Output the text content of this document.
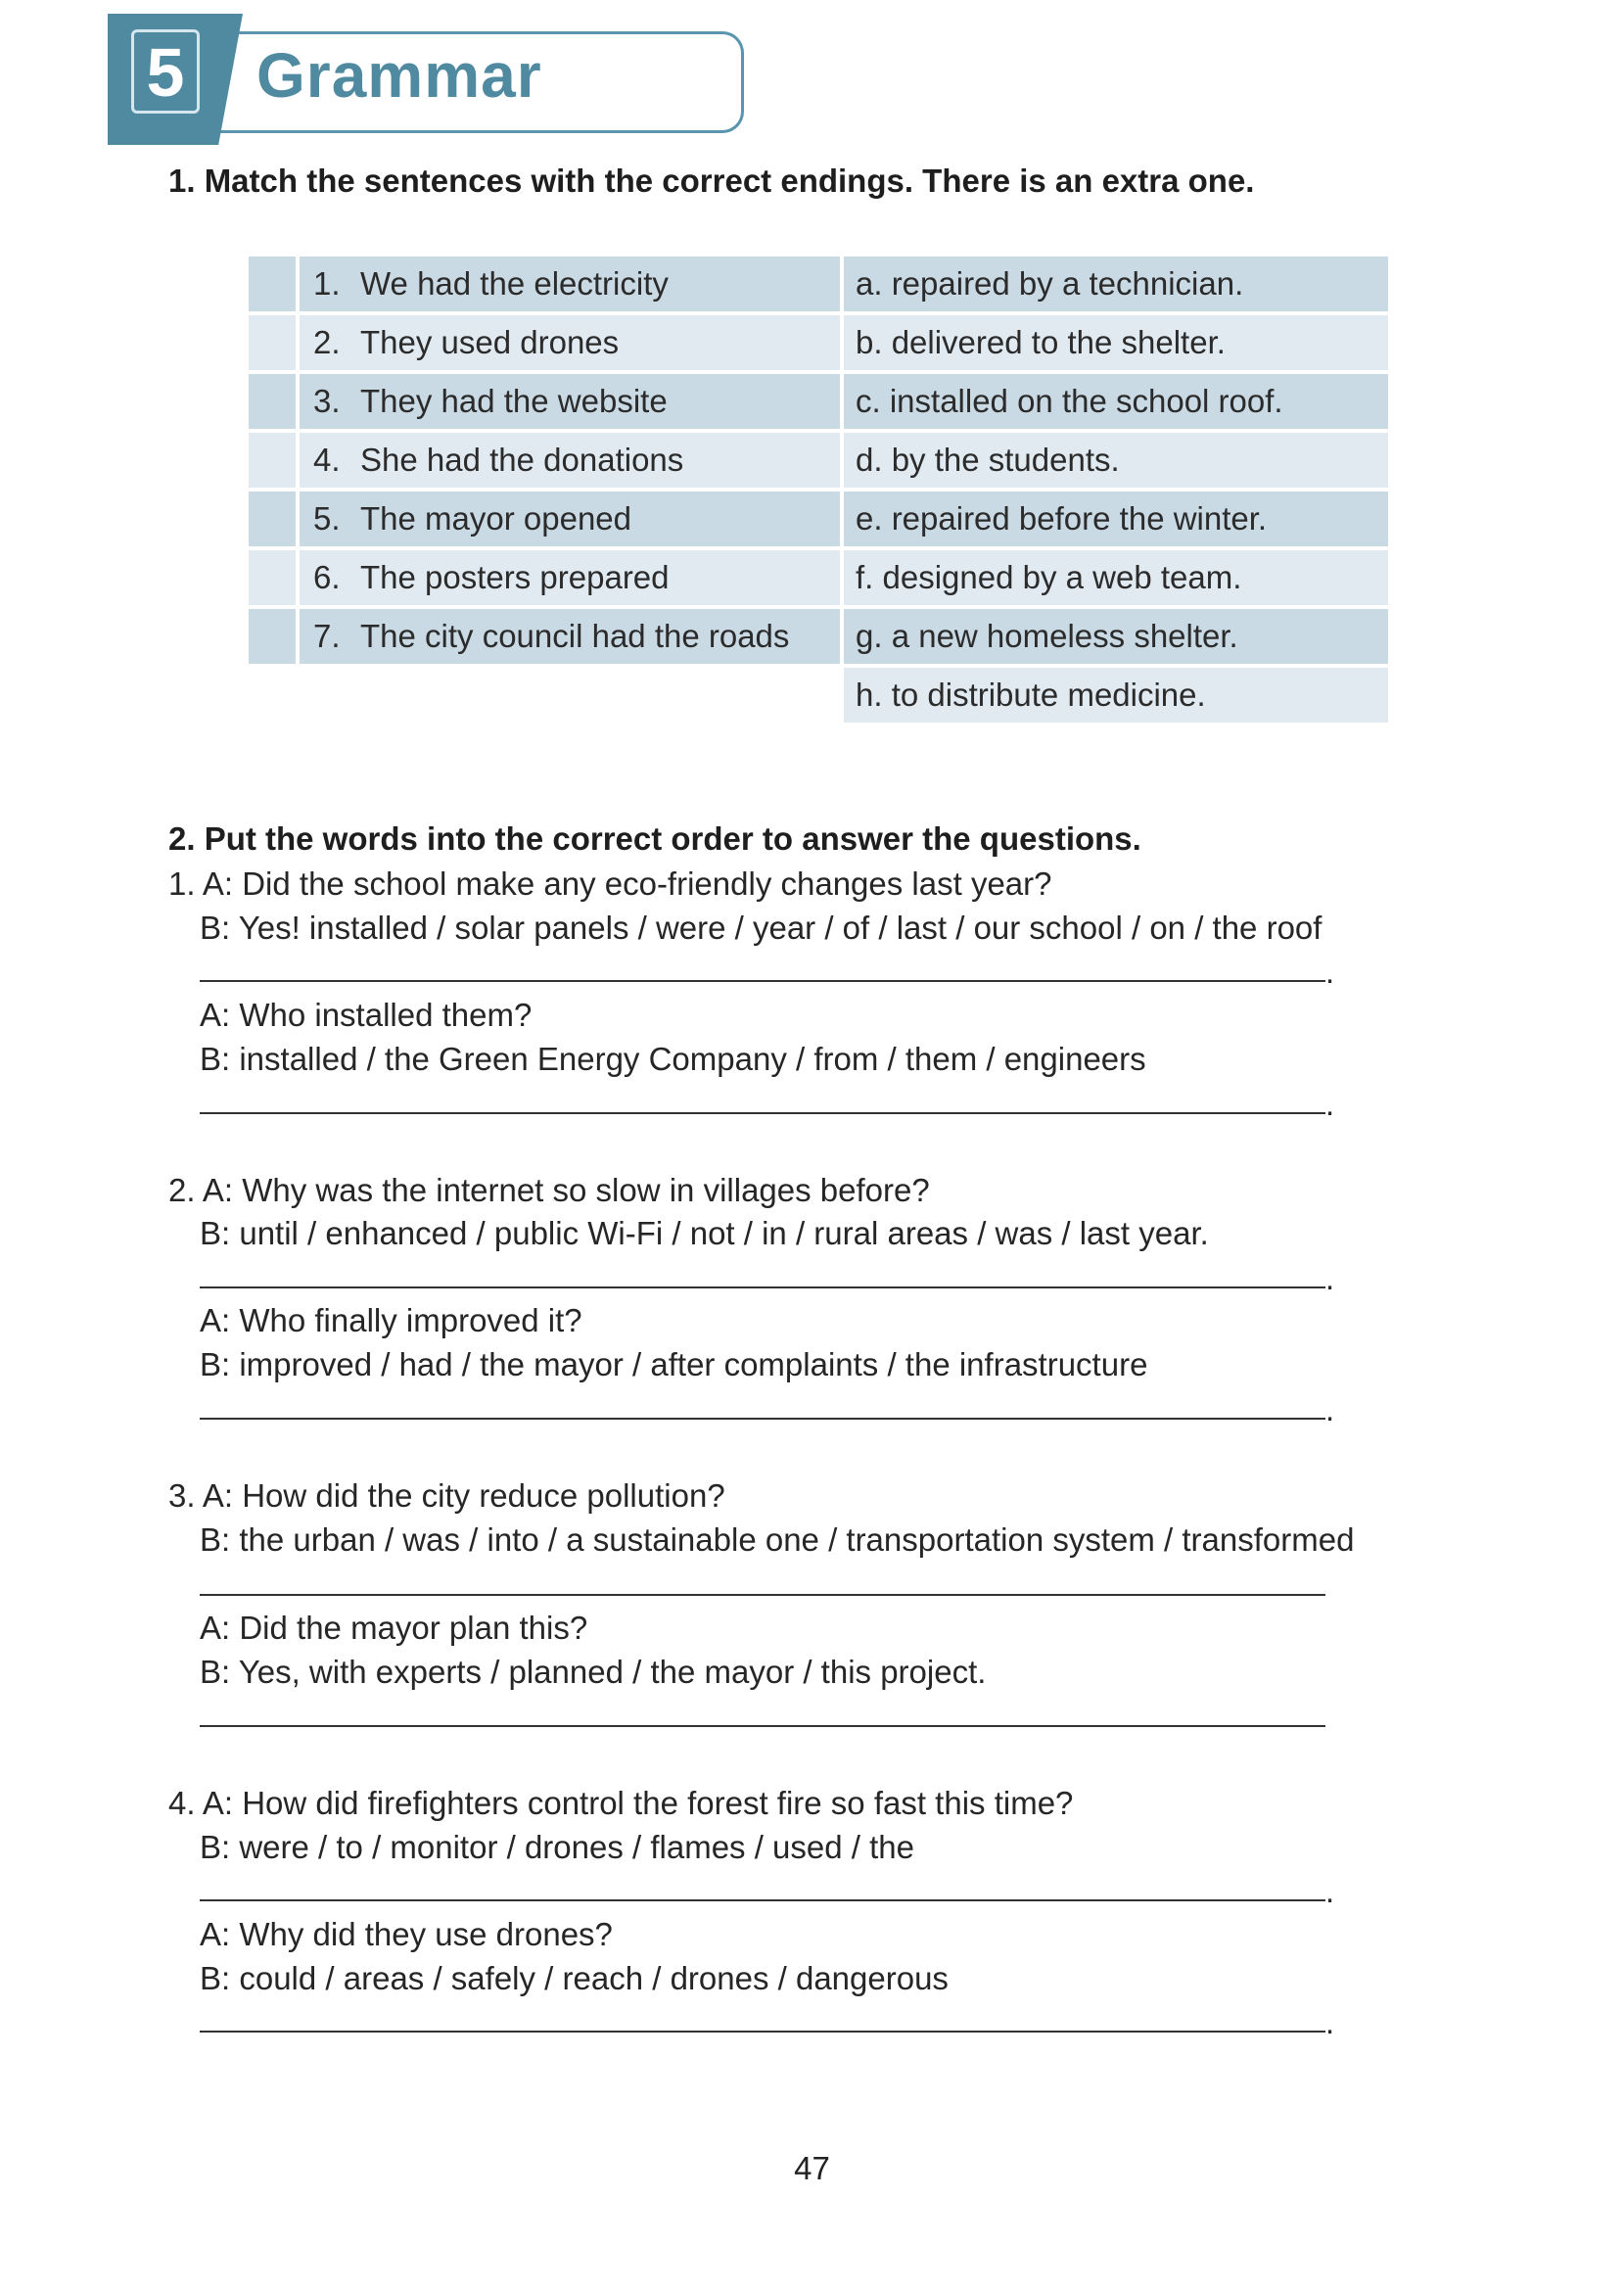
5 Grammar
1. Match the sentences with the correct endings. There is an extra one.
1. We had the electricity	a. repaired by a technician.
2. They used drones	b. delivered to the shelter.
3. They had the website	c. installed on the school roof.
4. She had the donations	d. by the students.
5. The mayor opened	e. repaired before the winter.
6. The posters prepared	f. designed by a web team.
7. The city council had the roads g. a new homeless shelter.
h. to distribute medicine.
2. Put the words into the correct order to answer the questions.
1. A: Did the school make any eco-friendly changes last year?
B: Yes! installed / solar panels / were / year / of / last / our school / on / the roof
.
A: Who installed them?
B: installed / the Green Energy Company / from / them / engineers
.
2. A: Why was the internet so slow in villages before?
B: until / enhanced / public Wi-Fi / not / in / rural areas / was / last year.
.
A: Who finally improved it?
B: improved / had / the mayor / after complaints / the infrastructure
.
3. A: How did the city reduce pollution?
B: the urban / was / into / a sustainable one / transportation system / transformed
A: Did the mayor plan this?
B: Yes, with experts / planned / the mayor / this project.
4. A: How did firefighters control the forest fire so fast this time?
B: were / to / monitor / drones / flames / used / the
.
A: Why did they use drones?
B: could / areas / safely / reach / drones / dangerous
.
47
